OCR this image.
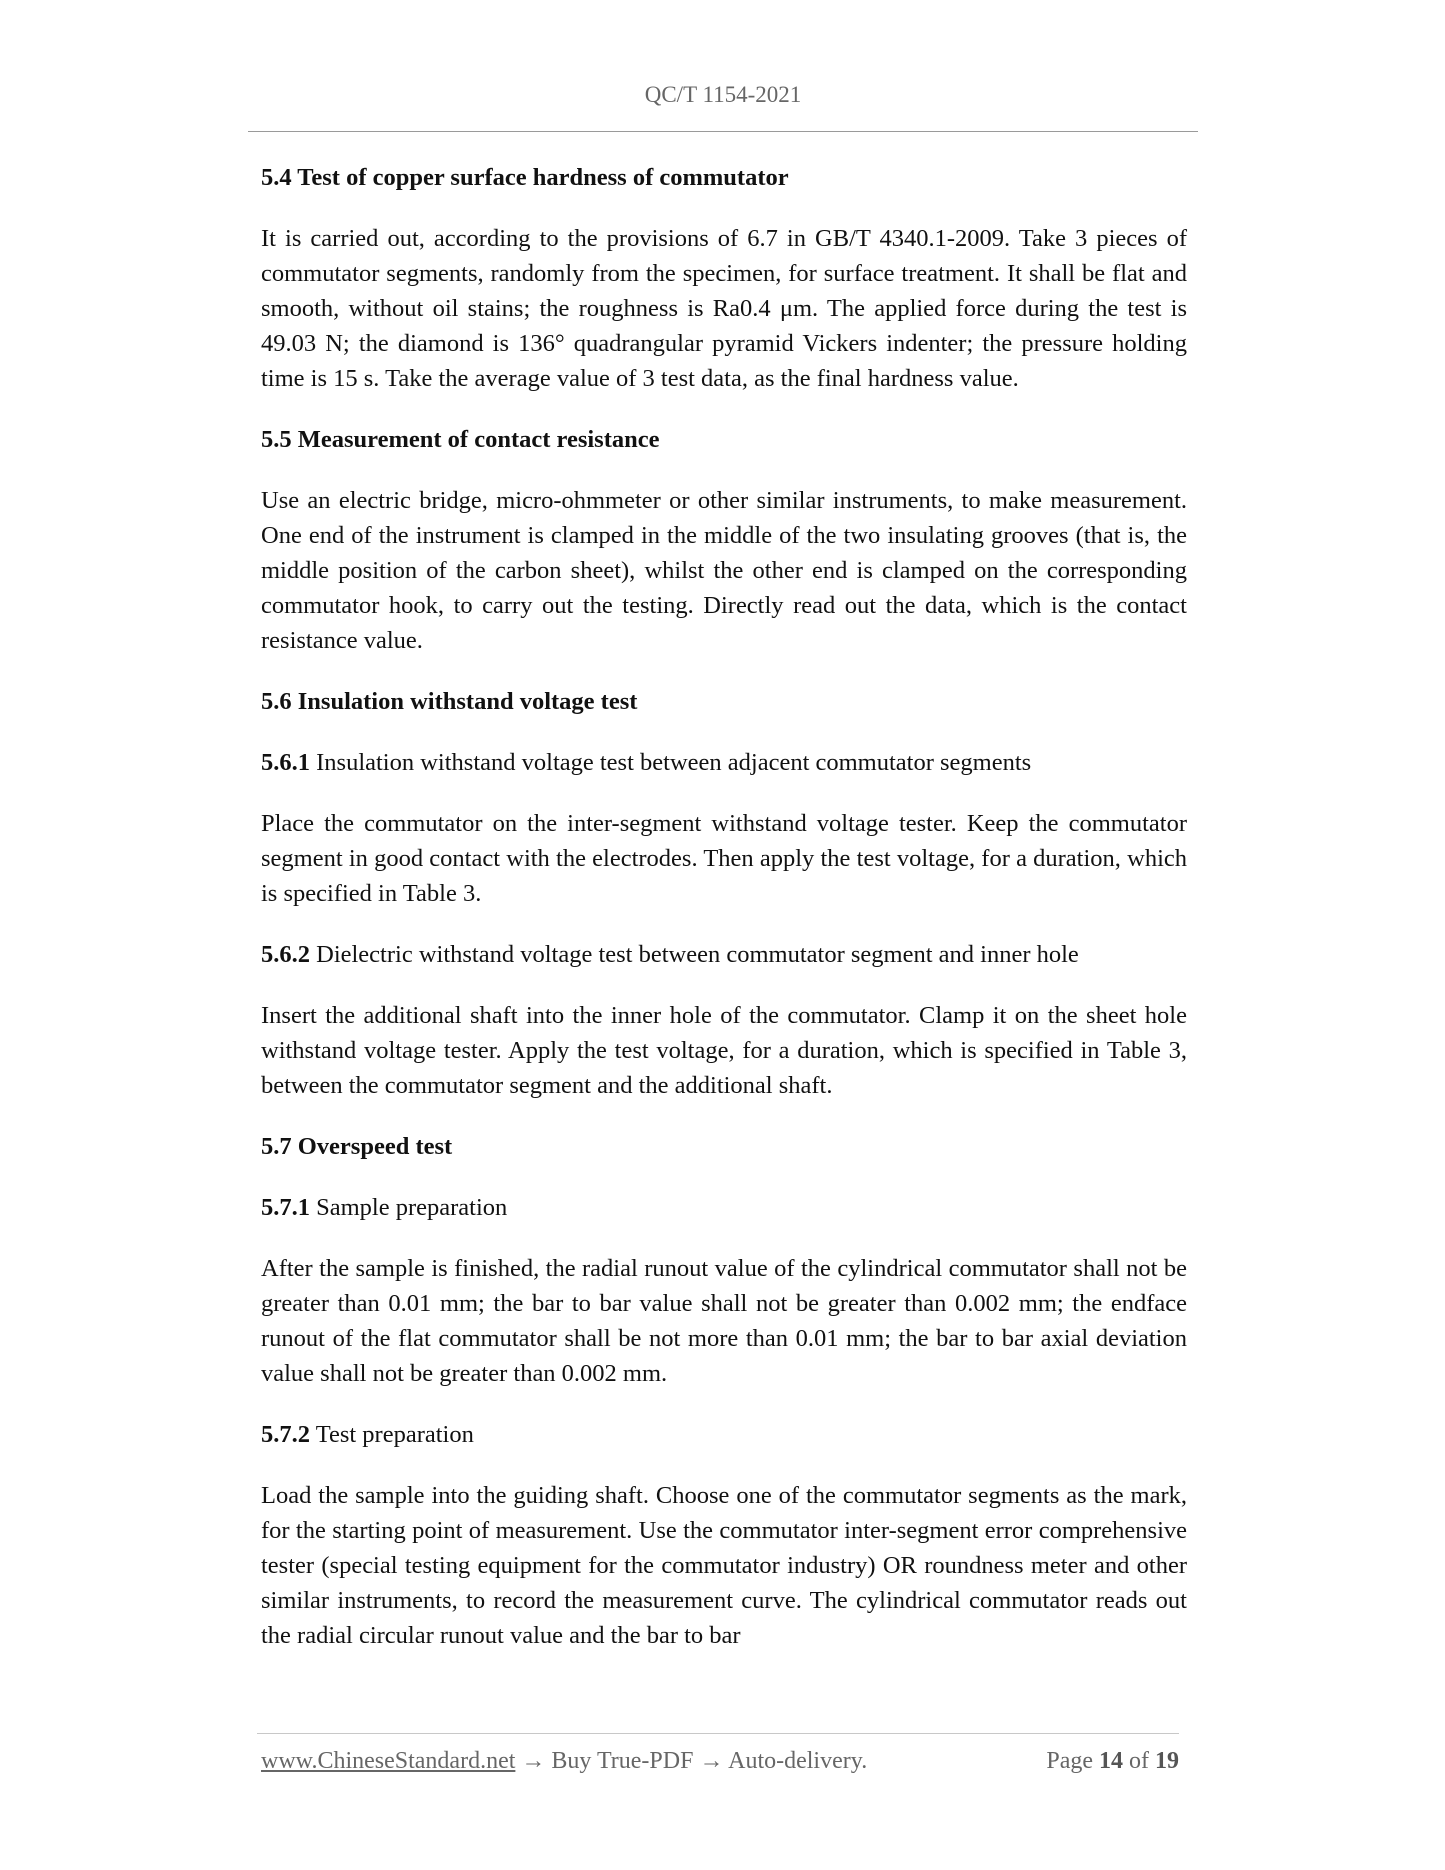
QC/T 1154-2021
5.4 Test of copper surface hardness of commutator
It is carried out, according to the provisions of 6.7 in GB/T 4340.1-2009. Take 3 pieces of commutator segments, randomly from the specimen, for surface treatment. It shall be flat and smooth, without oil stains; the roughness is Ra0.4 μm. The applied force during the test is 49.03 N; the diamond is 136° quadrangular pyramid Vickers indenter; the pressure holding time is 15 s. Take the average value of 3 test data, as the final hardness value.
5.5 Measurement of contact resistance
Use an electric bridge, micro-ohmmeter or other similar instruments, to make measurement. One end of the instrument is clamped in the middle of the two insulating grooves (that is, the middle position of the carbon sheet), whilst the other end is clamped on the corresponding commutator hook, to carry out the testing. Directly read out the data, which is the contact resistance value.
5.6 Insulation withstand voltage test
5.6.1 Insulation withstand voltage test between adjacent commutator segments
Place the commutator on the inter-segment withstand voltage tester. Keep the commutator segment in good contact with the electrodes. Then apply the test voltage, for a duration, which is specified in Table 3.
5.6.2 Dielectric withstand voltage test between commutator segment and inner hole
Insert the additional shaft into the inner hole of the commutator. Clamp it on the sheet hole withstand voltage tester. Apply the test voltage, for a duration, which is specified in Table 3, between the commutator segment and the additional shaft.
5.7 Overspeed test
5.7.1 Sample preparation
After the sample is finished, the radial runout value of the cylindrical commutator shall not be greater than 0.01 mm; the bar to bar value shall not be greater than 0.002 mm; the endface runout of the flat commutator shall be not more than 0.01 mm; the bar to bar axial deviation value shall not be greater than 0.002 mm.
5.7.2 Test preparation
Load the sample into the guiding shaft. Choose one of the commutator segments as the mark, for the starting point of measurement. Use the commutator inter-segment error comprehensive tester (special testing equipment for the commutator industry) OR roundness meter and other similar instruments, to record the measurement curve. The cylindrical commutator reads out the radial circular runout value and the bar to bar
www.ChineseStandard.net → Buy True-PDF → Auto-delivery.	Page 14 of 19
